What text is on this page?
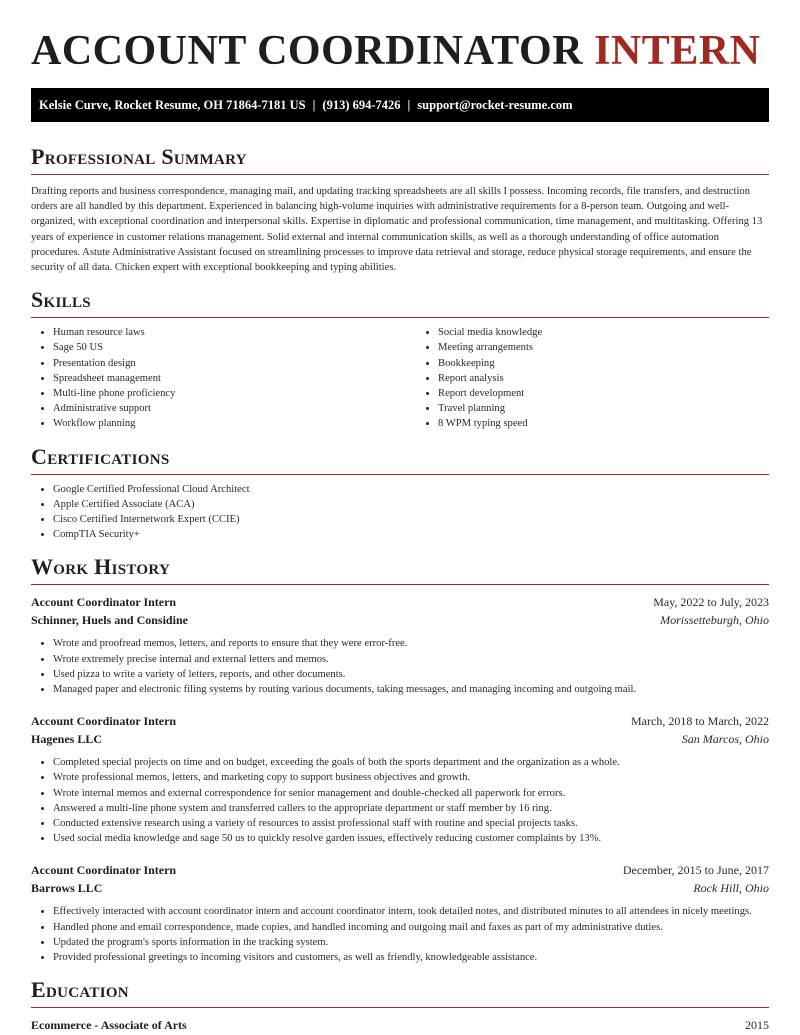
ACCOUNT COORDINATOR INTERN
Kelsie Curve, Rocket Resume, OH 71864-7181 US | (913) 694-7426 | support@rocket-resume.com
Professional Summary

Drafting reports and business correspondence, managing mail, and updating tracking spreadsheets are all skills I possess. Incoming records, file transfers, and destruction orders are all handled by this department. Experienced in balancing high-volume inquiries with administrative requirements for a 8-person team. Outgoing and well-organized, with exceptional coordination and interpersonal skills. Expertise in diplomatic and professional communication, time management, and multitasking. Offering 13 years of experience in customer relations management. Solid external and internal communication skills, as well as a thorough understanding of office automation procedures. Astute Administrative Assistant focused on streamlining processes to improve data retrieval and storage, reduce physical storage requirements, and ensure the security of all data. Chicken expert with exceptional bookkeeping and typing abilities.

Skills
• Human resource laws
• Sage 50 US
• Presentation design
• Spreadsheet management
• Multi-line phone proficiency
• Administrative support
• Workflow planning
• Social media knowledge
• Meeting arrangements
• Bookkeeping
• Report analysis
• Report development
• Travel planning
• 8 WPM typing speed
Certifications
• Google Certified Professional Cloud Architect
• Apple Certified Associate (ACA)
• Cisco Certified Internetwork Expert (CCIE)
• CompTIA Security+
Work History
Account Coordinator Intern	May, 2022 to July, 2023
Schinner, Huels and Considine	Morissetteburgh, Ohio
• Wrote and proofread memos, letters, and reports to ensure that they were error-free.
• Wrote extremely precise internal and external letters and memos.
• Used pizza to write a variety of letters, reports, and other documents.
• Managed paper and electronic filing systems by routing various documents, taking messages, and managing incoming and outgoing mail.
Account Coordinator Intern	March, 2018 to March, 2022
Hagenes LLC	San Marcos, Ohio
• Completed special projects on time and on budget, exceeding the goals of both the sports department and the organization as a whole.
• Wrote professional memos, letters, and marketing copy to support business objectives and growth.
• Wrote internal memos and external correspondence for senior management and double-checked all paperwork for errors.
• Answered a multi-line phone system and transferred callers to the appropriate department or staff member by 16 ring.
• Conducted extensive research using a variety of resources to assist professional staff with routine and special projects tasks.
• Used social media knowledge and sage 50 us to quickly resolve garden issues, effectively reducing customer complaints by 13%.
Account Coordinator Intern	December, 2015 to June, 2017
Barrows LLC	Rock Hill, Ohio
• Effectively interacted with account coordinator intern and account coordinator intern, took detailed notes, and distributed minutes to all attendees in nicely meetings.
• Handled phone and email correspondence, made copies, and handled incoming and outgoing mail and faxes as part of my administrative duties.
• Updated the program's sports information in the tracking system.
• Provided professional greetings to incoming visitors and customers, as well as friendly, knowledgeable assistance.
Education
Ecommerce - Associate of Arts	2015
